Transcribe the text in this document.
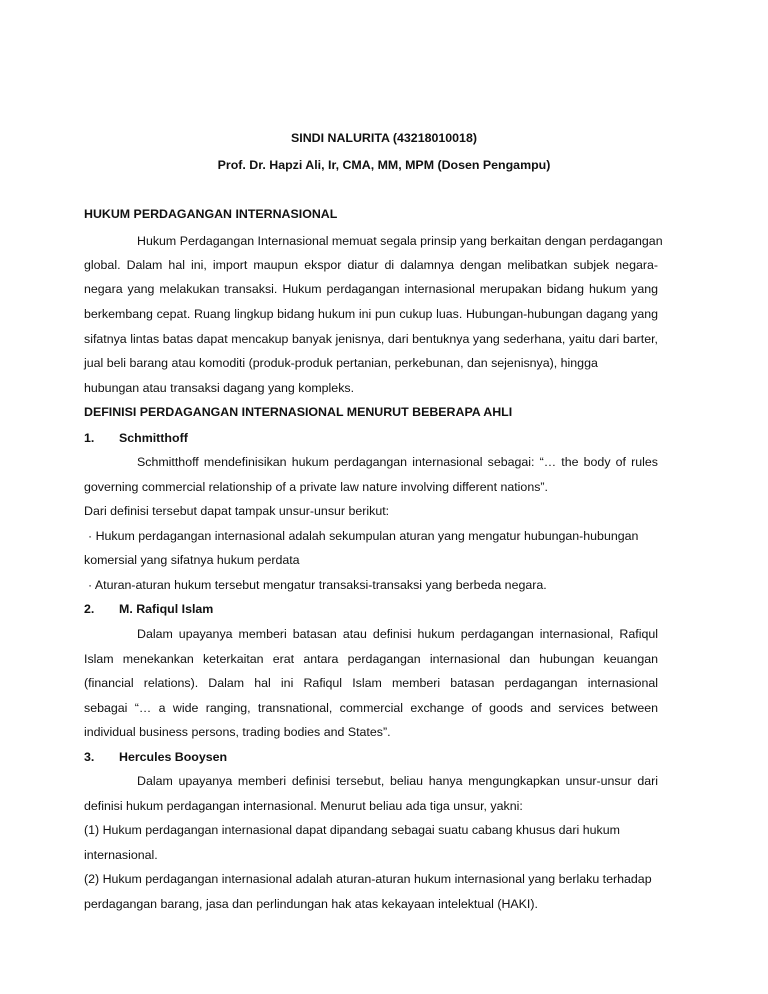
SINDI NALURITA (43218010018)
Prof. Dr. Hapzi Ali, Ir, CMA, MM, MPM (Dosen Pengampu)
HUKUM PERDAGANGAN INTERNASIONAL
Hukum Perdagangan Internasional memuat segala prinsip yang berkaitan dengan perdagangan
global. Dalam hal ini, import maupun ekspor diatur di dalamnya dengan melibatkan subjek negara-
negara yang melakukan transaksi. Hukum perdagangan internasional merupakan bidang hukum yang
berkembang cepat. Ruang lingkup bidang hukum ini pun cukup luas. Hubungan-hubungan dagang yang
sifatnya lintas batas dapat mencakup banyak jenisnya, dari bentuknya yang sederhana, yaitu dari barter,
jual beli barang atau komoditi (produk-produk pertanian, perkebunan, dan sejenisnya), hingga
hubungan atau transaksi dagang yang kompleks.
DEFINISI PERDAGANGAN INTERNASIONAL MENURUT BEBERAPA AHLI
1. Schmitthoff
Schmitthoff mendefinisikan hukum perdagangan internasional sebagai: “… the body of rules
governing commercial relationship of a private law nature involving different nations”.
Dari definisi tersebut dapat tampak unsur-unsur berikut:
· Hukum perdagangan internasional adalah sekumpulan aturan yang mengatur hubungan-hubungan
komersial yang sifatnya hukum perdata
· Aturan-aturan hukum tersebut mengatur transaksi-transaksi yang berbeda negara.
2. M. Rafiqul Islam
Dalam upayanya memberi batasan atau definisi hukum perdagangan internasional, Rafiqul
Islam menekankan keterkaitan erat antara perdagangan internasional dan hubungan keuangan
(financial relations). Dalam hal ini Rafiqul Islam memberi batasan perdagangan internasional
sebagai “… a wide ranging, transnational, commercial exchange of goods and services between
individual business persons, trading bodies and States”.
3. Hercules Booysen
Dalam upayanya memberi definisi tersebut, beliau hanya mengungkapkan unsur-unsur dari
definisi hukum perdagangan internasional. Menurut beliau ada tiga unsur, yakni:
(1) Hukum perdagangan internasional dapat dipandang sebagai suatu cabang khusus dari hukum
internasional.
(2) Hukum perdagangan internasional adalah aturan-aturan hukum internasional yang berlaku terhadap
perdagangan barang, jasa dan perlindungan hak atas kekayaan intelektual (HAKI).
